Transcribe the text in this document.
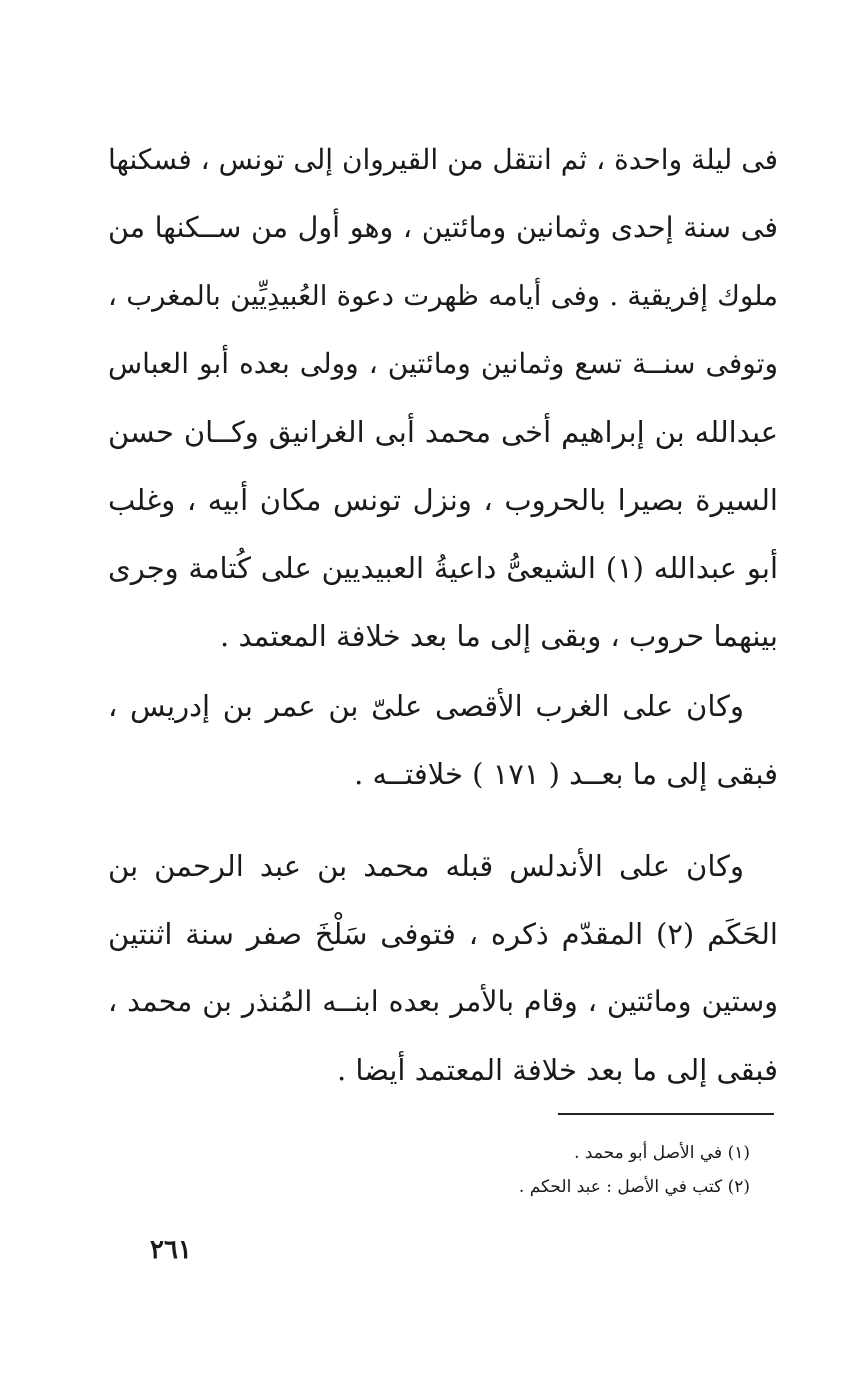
فى ليلة واحدة ، ثم انتقل من القيروان إلى تونس ، فسكنها
فى سنة إحدى وثمانين ومائتين ، وهو أول من ســكنها من
ملوك إفريقية . وفى أيامه ظهرت دعوة العُبيدِيِّين بالمغرب ،
وتوفى سنــة تسع وثمانين ومائتين ، وولى بعده أبو العباس
عبدالله بن إبراهيم أخى محمد أبى الغرانيق وكــان حسن
السيرة بصيرا بالحروب ، ونزل تونس مكان أبيه ، وغلب
أبو عبدالله (١) الشيعىُّ داعيةُ العبيديين على كُتامة وجرى
بينهما حروب ، وبقى إلى ما بعد خلافة المعتمد .
وكان على الغرب الأقصى علىّ بن عمر بن إدريس ،
فبقى إلى ما بعــد ( ١٧١ ) خلافتــه .
وكان على الأندلس قبله محمد بن عبد الرحمن بن
الحَكَم (٢) المقدّم ذكره ، فتوفى سَلْخَ صفر سنة اثنتين
وستين ومائتين ، وقام بالأمر بعده ابنــه المُنذر بن محمد ،
فبقى إلى ما بعد خلافة المعتمد أيضا .
(١) في الأصل أبو محمد .
(٢) كتب في الأصل : عبد الحكم .
٢٦١
